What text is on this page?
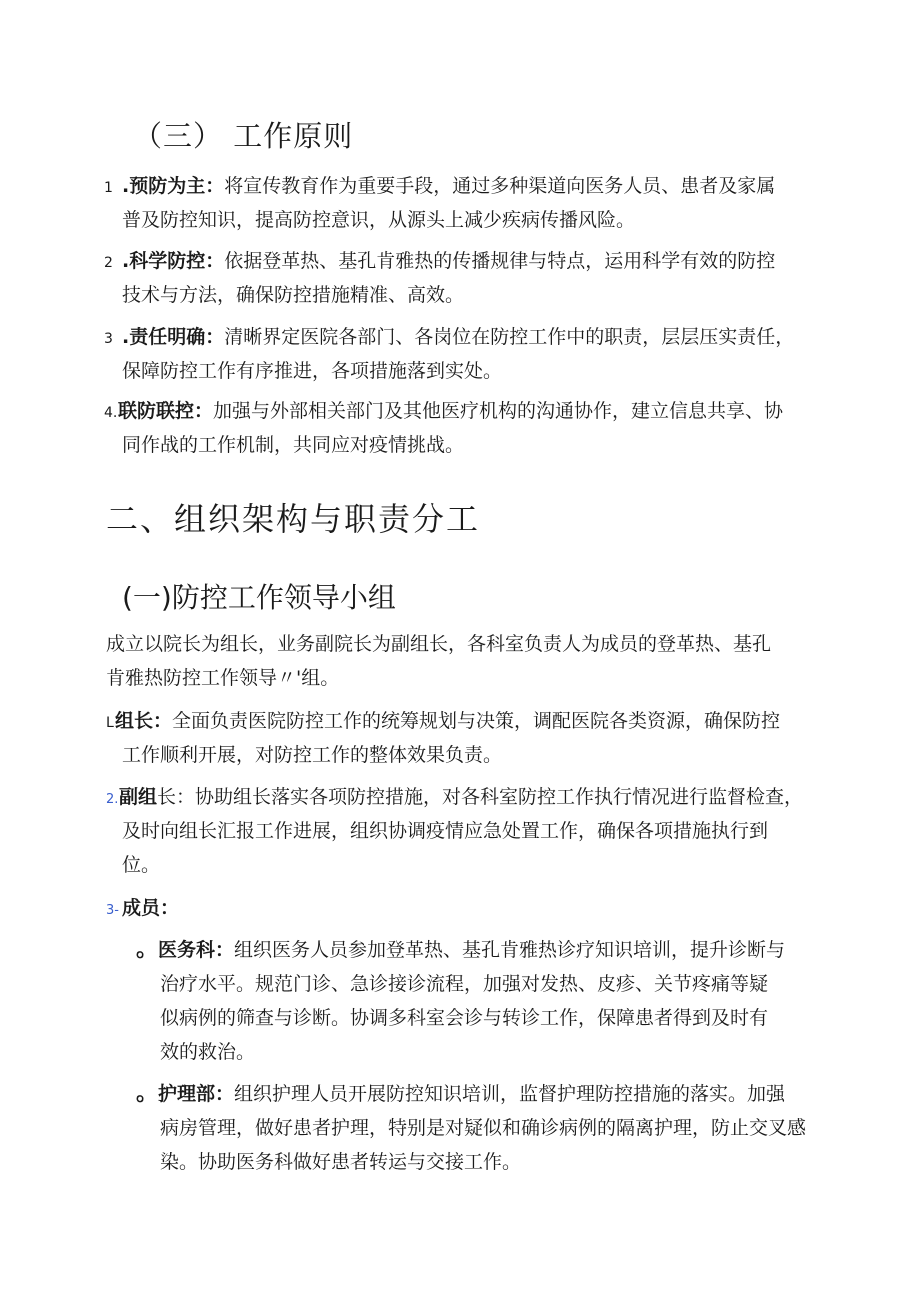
（三） 工作原则
1 .预防为主：将宣传教育作为重要手段，通过多种渠道向医务人员、患者及家属
普及防控知识，提高防控意识，从源头上减少疾病传播风险。
2 .科学防控：依据登革热、基孔肯雅热的传播规律与特点，运用科学有效的防控
技术与方法，确保防控措施精准、高效。
3 .责任明确：清晰界定医院各部门、各岗位在防控工作中的职责，层层压实责任，
保障防控工作有序推进，各项措施落到实处。
4.联防联控：加强与外部相关部门及其他医疗机构的沟通协作，建立信息共享、协
同作战的工作机制，共同应对疫情挑战。
二、组织架构与职责分工
(一)防控工作领导小组
成立以院长为组长，业务副院长为副组长，各科室负责人为成员的登革热、基孔
肯雅热防控工作领导〃'组。
L组长：全面负责医院防控工作的统筹规划与决策，调配医院各类资源，确保防控
工作顺利开展，对防控工作的整体效果负责。
2.副组长：协助组长落实各项防控措施，对各科室防控工作执行情况进行监督检查，
及时向组长汇报工作进展，组织协调疫情应急处置工作，确保各项措施执行到
位。
3- 成员：
。医务科：组织医务人员参加登革热、基孔肯雅热诊疗知识培训，提升诊断与
治疗水平。规范门诊、急诊接诊流程，加强对发热、皮疹、关节疼痛等疑
似病例的筛查与诊断。协调多科室会诊与转诊工作，保障患者得到及时有
效的救治。
。护理部：组织护理人员开展防控知识培训，监督护理防控措施的落实。加强
病房管理，做好患者护理，特别是对疑似和确诊病例的隔离护理，防止交叉感
染。协助医务科做好患者转运与交接工作。
